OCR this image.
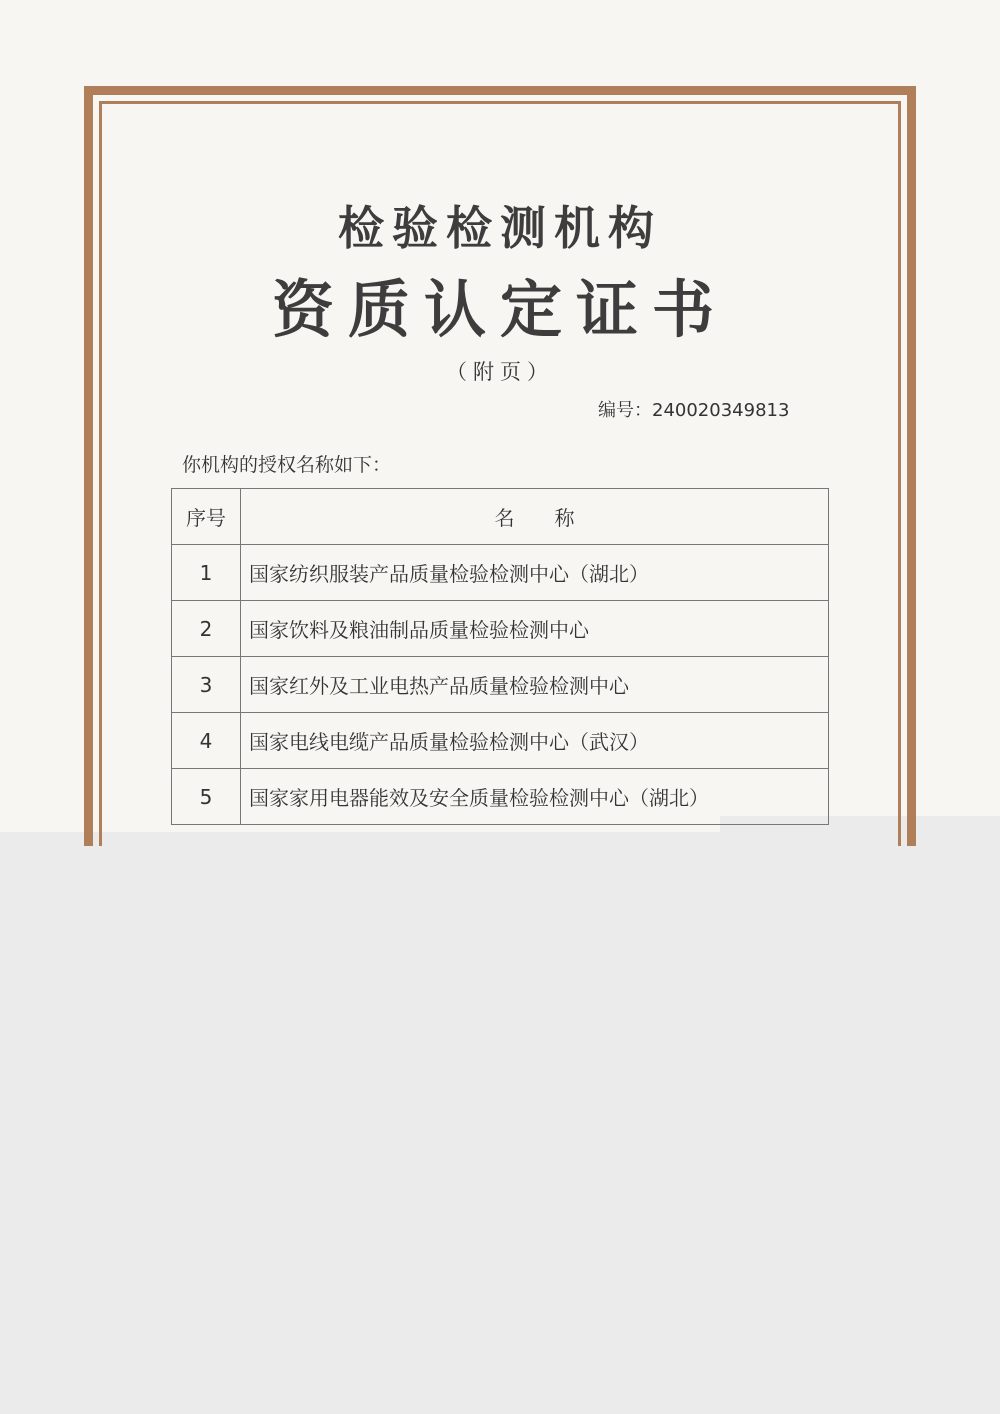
检验检测机构
资质认定证书
（附页）
编号：240020349813
你机构的授权名称如下：
序号	名称
1	国家纺织服装产品质量检验检测中心（湖北）
2	国家饮料及粮油制品质量检验检测中心
3	国家红外及工业电热产品质量检验检测中心
4	国家电线电缆产品质量检验检测中心（武汉）
5	国家家用电器能效及安全质量检验检测中心（湖北）
